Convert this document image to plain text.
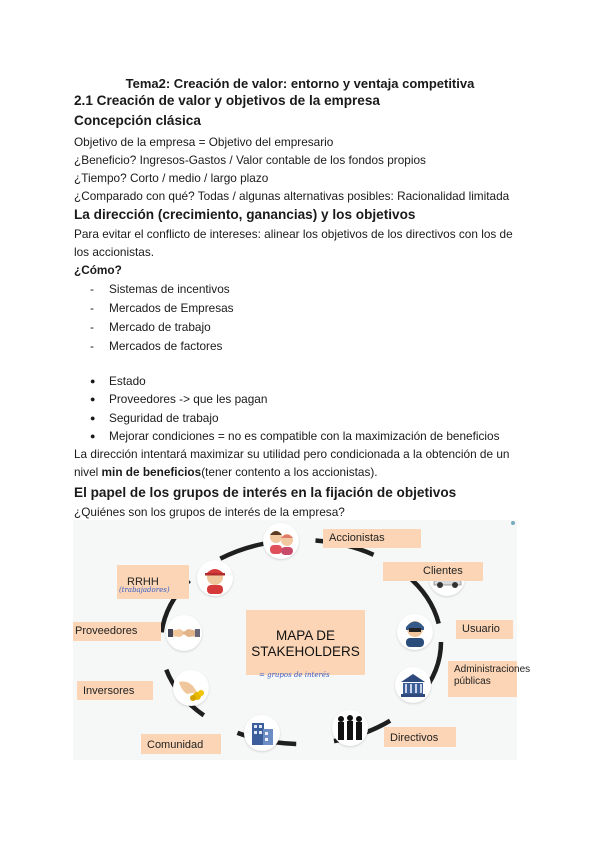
Tema2: Creación de valor: entorno y ventaja competitiva
2.1 Creación de valor y objetivos de la empresa
Concepción clásica
Objetivo de la empresa = Objetivo del empresario
¿Beneficio? Ingresos-Gastos / Valor contable de los fondos propios
¿Tiempo? Corto / medio / largo plazo
¿Comparado con qué? Todas / algunas alternativas posibles: Racionalidad limitada
La dirección (crecimiento, ganancias) y los objetivos
Para evitar el conflicto de intereses: alinear los objetivos de los directivos con los de
los accionistas.
¿Cómo?
- Sistemas de incentivos
- Mercados de Empresas
- Mercado de trabajo
- Mercados de factores
● Estado
● Proveedores -> que les pagan
● Seguridad de trabajo
● Mejorar condiciones = no es compatible con la maximización de beneficios
La dirección intentará maximizar su utilidad pero condicionada a la obtención de un
nivel min de beneficios(tener contento a los accionistas).
El papel de los grupos de interés en la fijación de objetivos
¿Quiénes son los grupos de interés de la empresa?
Accionistas
Clientes
Usuario
Administraciones
públicas
Directivos
Comunidad
Inversores
Proveedores
RRHH
(trabajadores)
MAPA DE
STAKEHOLDERS
= grupos de interés
